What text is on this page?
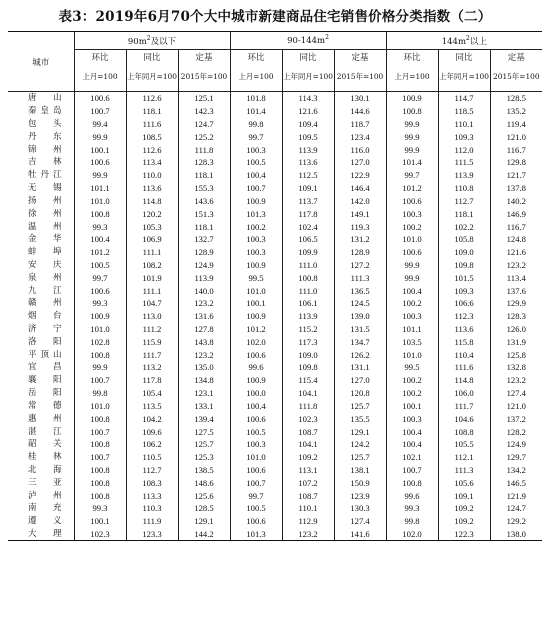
表3：2019年6月70个大中城市新建商品住宅销售价格分类指数（二）
城市	$90m^2$及以下			$90-144m^2$			$144m^2$以上		
	环比	同比	定基	环比	同比	定基	环比	同比	定基
	上月=100	上年同月=100	2015年=100	上月=100	上年同月=100	2015年=100	上月=100	上年同月=100	2015年=100
唐山	100.6	112.6	125.1	101.8	114.3	130.1	100.9	114.7	128.5
秦皇岛	100.7	118.1	142.3	101.4	121.6	144.6	100.8	118.5	135.2
包头	99.4	111.6	124.7	99.8	109.4	118.7	99.9	110.1	119.4
丹东	99.9	108.5	125.2	99.7	109.5	123.4	99.9	109.3	121.0
锦州	100.1	112.6	111.8	100.3	113.9	116.0	99.9	112.0	116.7
吉林	100.6	113.4	128.3	100.5	113.6	127.0	101.4	111.5	129.8
牡丹江	99.9	110.0	118.1	100.4	112.5	122.9	99.7	113.9	121.7
无锡	101.1	113.6	155.3	100.7	109.1	146.4	101.2	110.8	137.8
扬州	101.0	114.8	143.6	100.9	113.7	142.0	100.6	112.7	140.2
徐州	100.8	120.2	151.3	101.3	117.8	149.1	100.3	118.1	146.9
温州	99.3	105.3	118.1	100.2	102.4	119.3	100.2	102.2	116.7
金华	100.4	106.9	132.7	100.3	106.5	131.2	101.0	105.8	124.8
蚌埠	101.2	111.1	128.9	100.3	109.9	128.9	100.6	109.0	121.6
安庆	100.5	108.2	124.9	100.9	111.0	127.2	99.9	109.8	123.2
泉州	99.7	101.9	113.9	99.5	100.8	111.3	99.9	101.5	113.4
九江	100.6	111.1	140.0	101.0	111.0	136.5	100.4	109.3	137.6
赣州	99.3	104.7	123.2	100.1	106.1	124.5	100.2	106.6	129.9
烟台	100.9	113.0	131.6	100.9	113.9	139.0	100.3	112.3	128.3
济宁	101.0	111.2	127.8	101.2	115.2	131.5	101.1	113.6	126.0
洛阳	102.8	115.9	143.8	102.0	117.3	134.7	103.5	115.8	131.9
平顶山	100.8	111.7	123.2	100.6	109.0	126.2	101.0	110.4	125.8
宜昌	99.9	113.2	135.0	99.6	109.8	131.1	99.5	111.6	132.8
襄阳	100.7	117.8	134.8	100.9	115.4	127.0	100.2	114.8	123.2
岳阳	99.8	105.4	123.1	100.0	104.1	120.8	100.2	106.0	127.4
常德	101.0	113.5	133.1	100.4	111.8	125.7	100.1	111.7	121.0
惠州	100.8	104.2	139.4	100.6	102.3	135.5	100.3	104.6	137.2
湛江	100.7	109.6	127.5	100.5	108.7	129.1	100.4	108.8	128.2
韶关	100.8	106.2	125.7	100.3	104.1	124.2	100.4	105.5	124.9
桂林	100.7	110.5	125.3	101.0	109.2	125.7	102.1	112.1	129.7
北海	100.8	112.7	138.5	100.6	113.1	138.1	100.7	111.3	134.2
三亚	100.8	108.3	148.6	100.7	107.2	150.9	100.8	105.6	146.5
泸州	100.8	113.3	125.6	99.7	108.7	123.9	99.6	109.1	121.9
南充	99.3	110.3	128.5	100.5	110.1	130.3	99.3	109.2	124.7
遵义	100.1	111.9	129.1	100.6	112.9	127.4	99.8	109.2	129.2
大理	102.3	123.3	144.2	101.3	123.2	141.6	102.0	122.3	138.0
